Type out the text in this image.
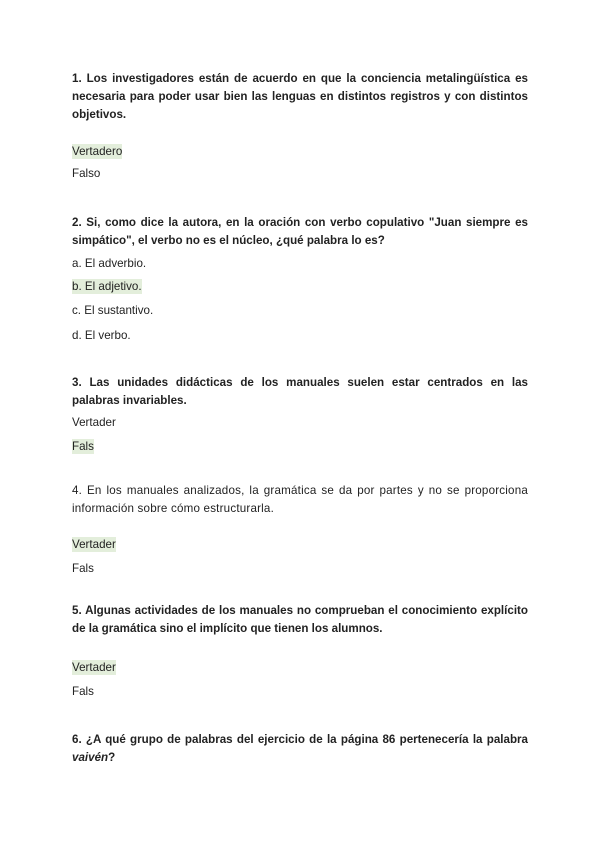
1. Los investigadores están de acuerdo en que la conciencia metalingüística es necesaria para poder usar bien las lenguas en distintos registros y con distintos objetivos.

Vertadero

Falso

2. Si, como dice la autora, en la oración con verbo copulativo "Juan siempre es simpático", el verbo no es el núcleo, ¿qué palabra lo es?

a. El adverbio.

b. El adjetivo.

c. El sustantivo.

d. El verbo.

3. Las unidades didácticas de los manuales suelen estar centrados en las palabras invariables.

Vertader

Fals

4. En los manuales analizados, la gramática se da por partes y no se proporciona información sobre cómo estructurarla.

Vertader

Fals

5. Algunas actividades de los manuales no comprueban el conocimiento explícito de la gramática sino el implícito que tienen los alumnos.

Vertader

Fals

6. ¿A qué grupo de palabras del ejercicio de la página 86 pertenecería la palabra vaivén?
